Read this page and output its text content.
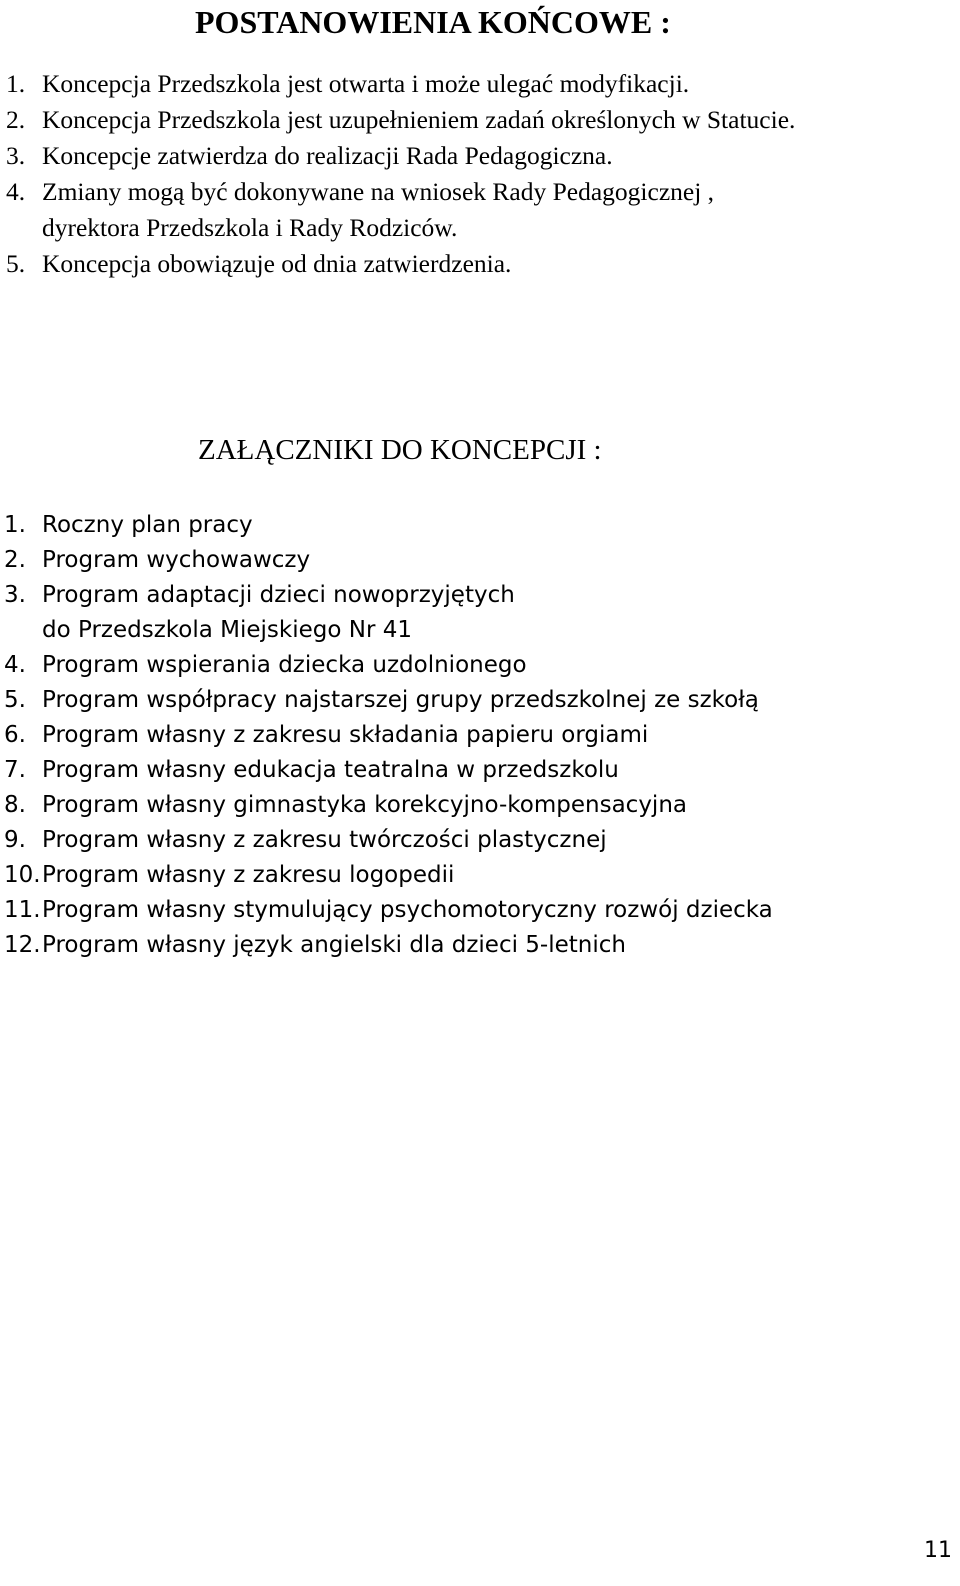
POSTANOWIENIA KOŃCOWE :
1. Koncepcja Przedszkola jest otwarta i może ulegać modyfikacji.
2. Koncepcja Przedszkola jest uzupełnieniem zadań określonych w Statucie.
3. Koncepcje zatwierdza do realizacji Rada Pedagogiczna.
4. Zmiany mogą być dokonywane na wniosek Rady Pedagogicznej ,
dyrektora Przedszkola i Rady Rodziców.
5. Koncepcja obowiązuje od dnia zatwierdzenia.
ZAŁĄCZNIKI DO KONCEPCJI :
1. Roczny plan pracy
2. Program wychowawczy
3. Program adaptacji dzieci nowoprzyjętych
do Przedszkola Miejskiego Nr 41
4. Program wspierania dziecka uzdolnionego
5. Program współpracy najstarszej grupy przedszkolnej ze szkołą
6. Program własny z zakresu składania papieru orgiami
7. Program własny edukacja teatralna w przedszkolu
8. Program własny gimnastyka korekcyjno-kompensacyjna
9. Program własny z zakresu twórczości plastycznej
10. Program własny z zakresu logopedii
11. Program własny stymulujący psychomotoryczny rozwój dziecka
12. Program własny język angielski dla dzieci 5-letnich
11
